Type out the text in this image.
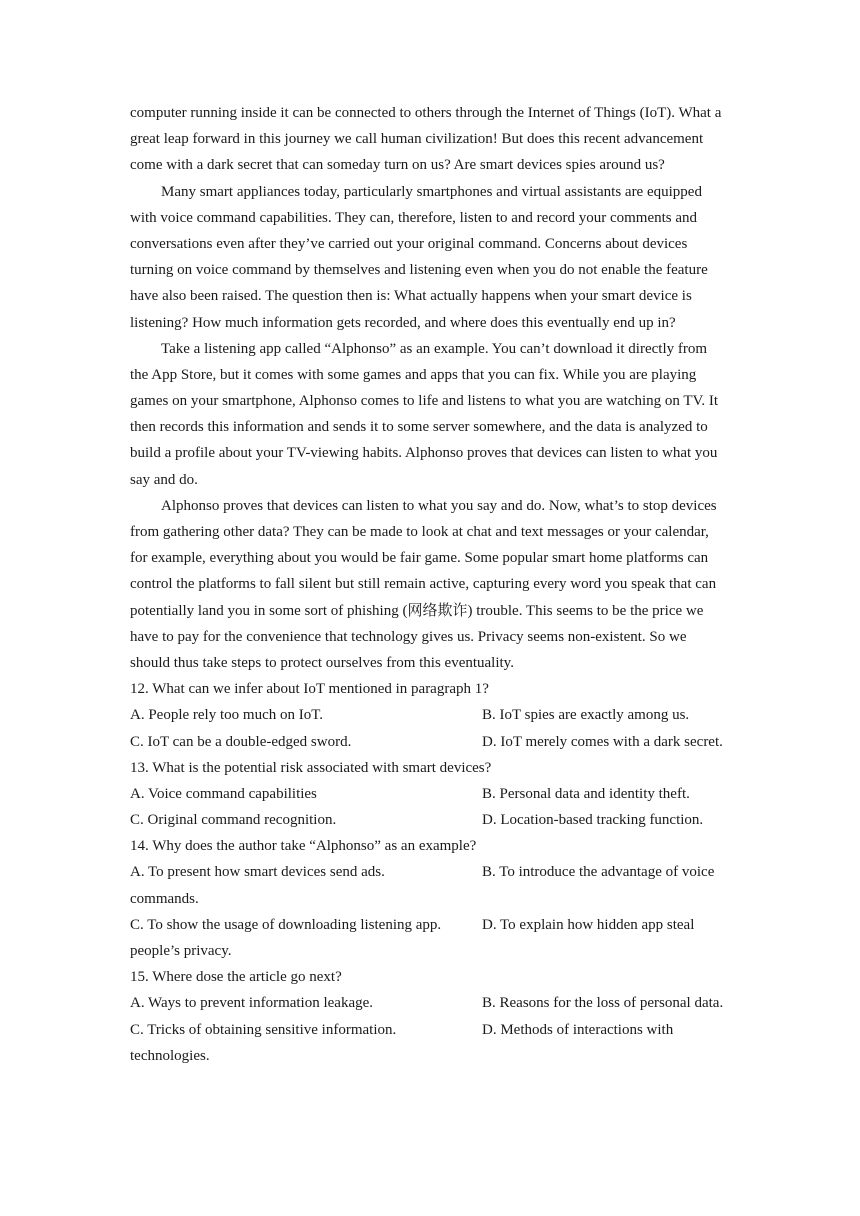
computer running inside it can be connected to others through the Internet of Things (IoT). What a
great leap forward in this journey we call human civilization! But does this recent advancement
come with a dark secret that can someday turn on us? Are smart devices spies around us?
Many smart appliances today, particularly smartphones and virtual assistants are equipped
with voice command capabilities. They can, therefore, listen to and record your comments and
conversations even after they’ve carried out your original command. Concerns about devices
turning on voice command by themselves and listening even when you do not enable the feature
have also been raised. The question then is: What actually happens when your smart device is
listening? How much information gets recorded, and where does this eventually end up in?
Take a listening app called “Alphonso” as an example. You can’t download it directly from
the App Store, but it comes with some games and apps that you can fix. While you are playing
games on your smartphone, Alphonso comes to life and listens to what you are watching on TV. It
then records this information and sends it to some server somewhere, and the data is analyzed to
build a profile about your TV-viewing habits. Alphonso proves that devices can listen to what you
say and do.
Alphonso proves that devices can listen to what you say and do. Now, what’s to stop devices
from gathering other data? They can be made to look at chat and text messages or your calendar,
for example, everything about you would be fair game. Some popular smart home platforms can
control the platforms to fall silent but still remain active, capturing every word you speak that can
potentially land you in some sort of phishing (网络欺诈) trouble. This seems to be the price we
have to pay for the convenience that technology gives us. Privacy seems non-existent. So we
should thus take steps to protect ourselves from this eventuality.
12. What can we infer about IoT mentioned in paragraph 1?
A. People rely too much on IoT.	B. IoT spies are exactly among us.
C. IoT can be a double-edged sword.	D. IoT merely comes with a dark secret.
13. What is the potential risk associated with smart devices?
A. Voice command capabilities	B. Personal data and identity theft.
C. Original command recognition.	D. Location-based tracking function.
14. Why does the author take “Alphonso” as an example?
A. To present how smart devices send ads.	B. To introduce the advantage of voice
commands.
C. To show the usage of downloading listening app.	D. To explain how hidden app steal
people’s privacy.
15. Where dose the article go next?
A. Ways to prevent information leakage.	B. Reasons for the loss of personal data.
C. Tricks of obtaining sensitive information.	D. Methods of interactions with
technologies.
